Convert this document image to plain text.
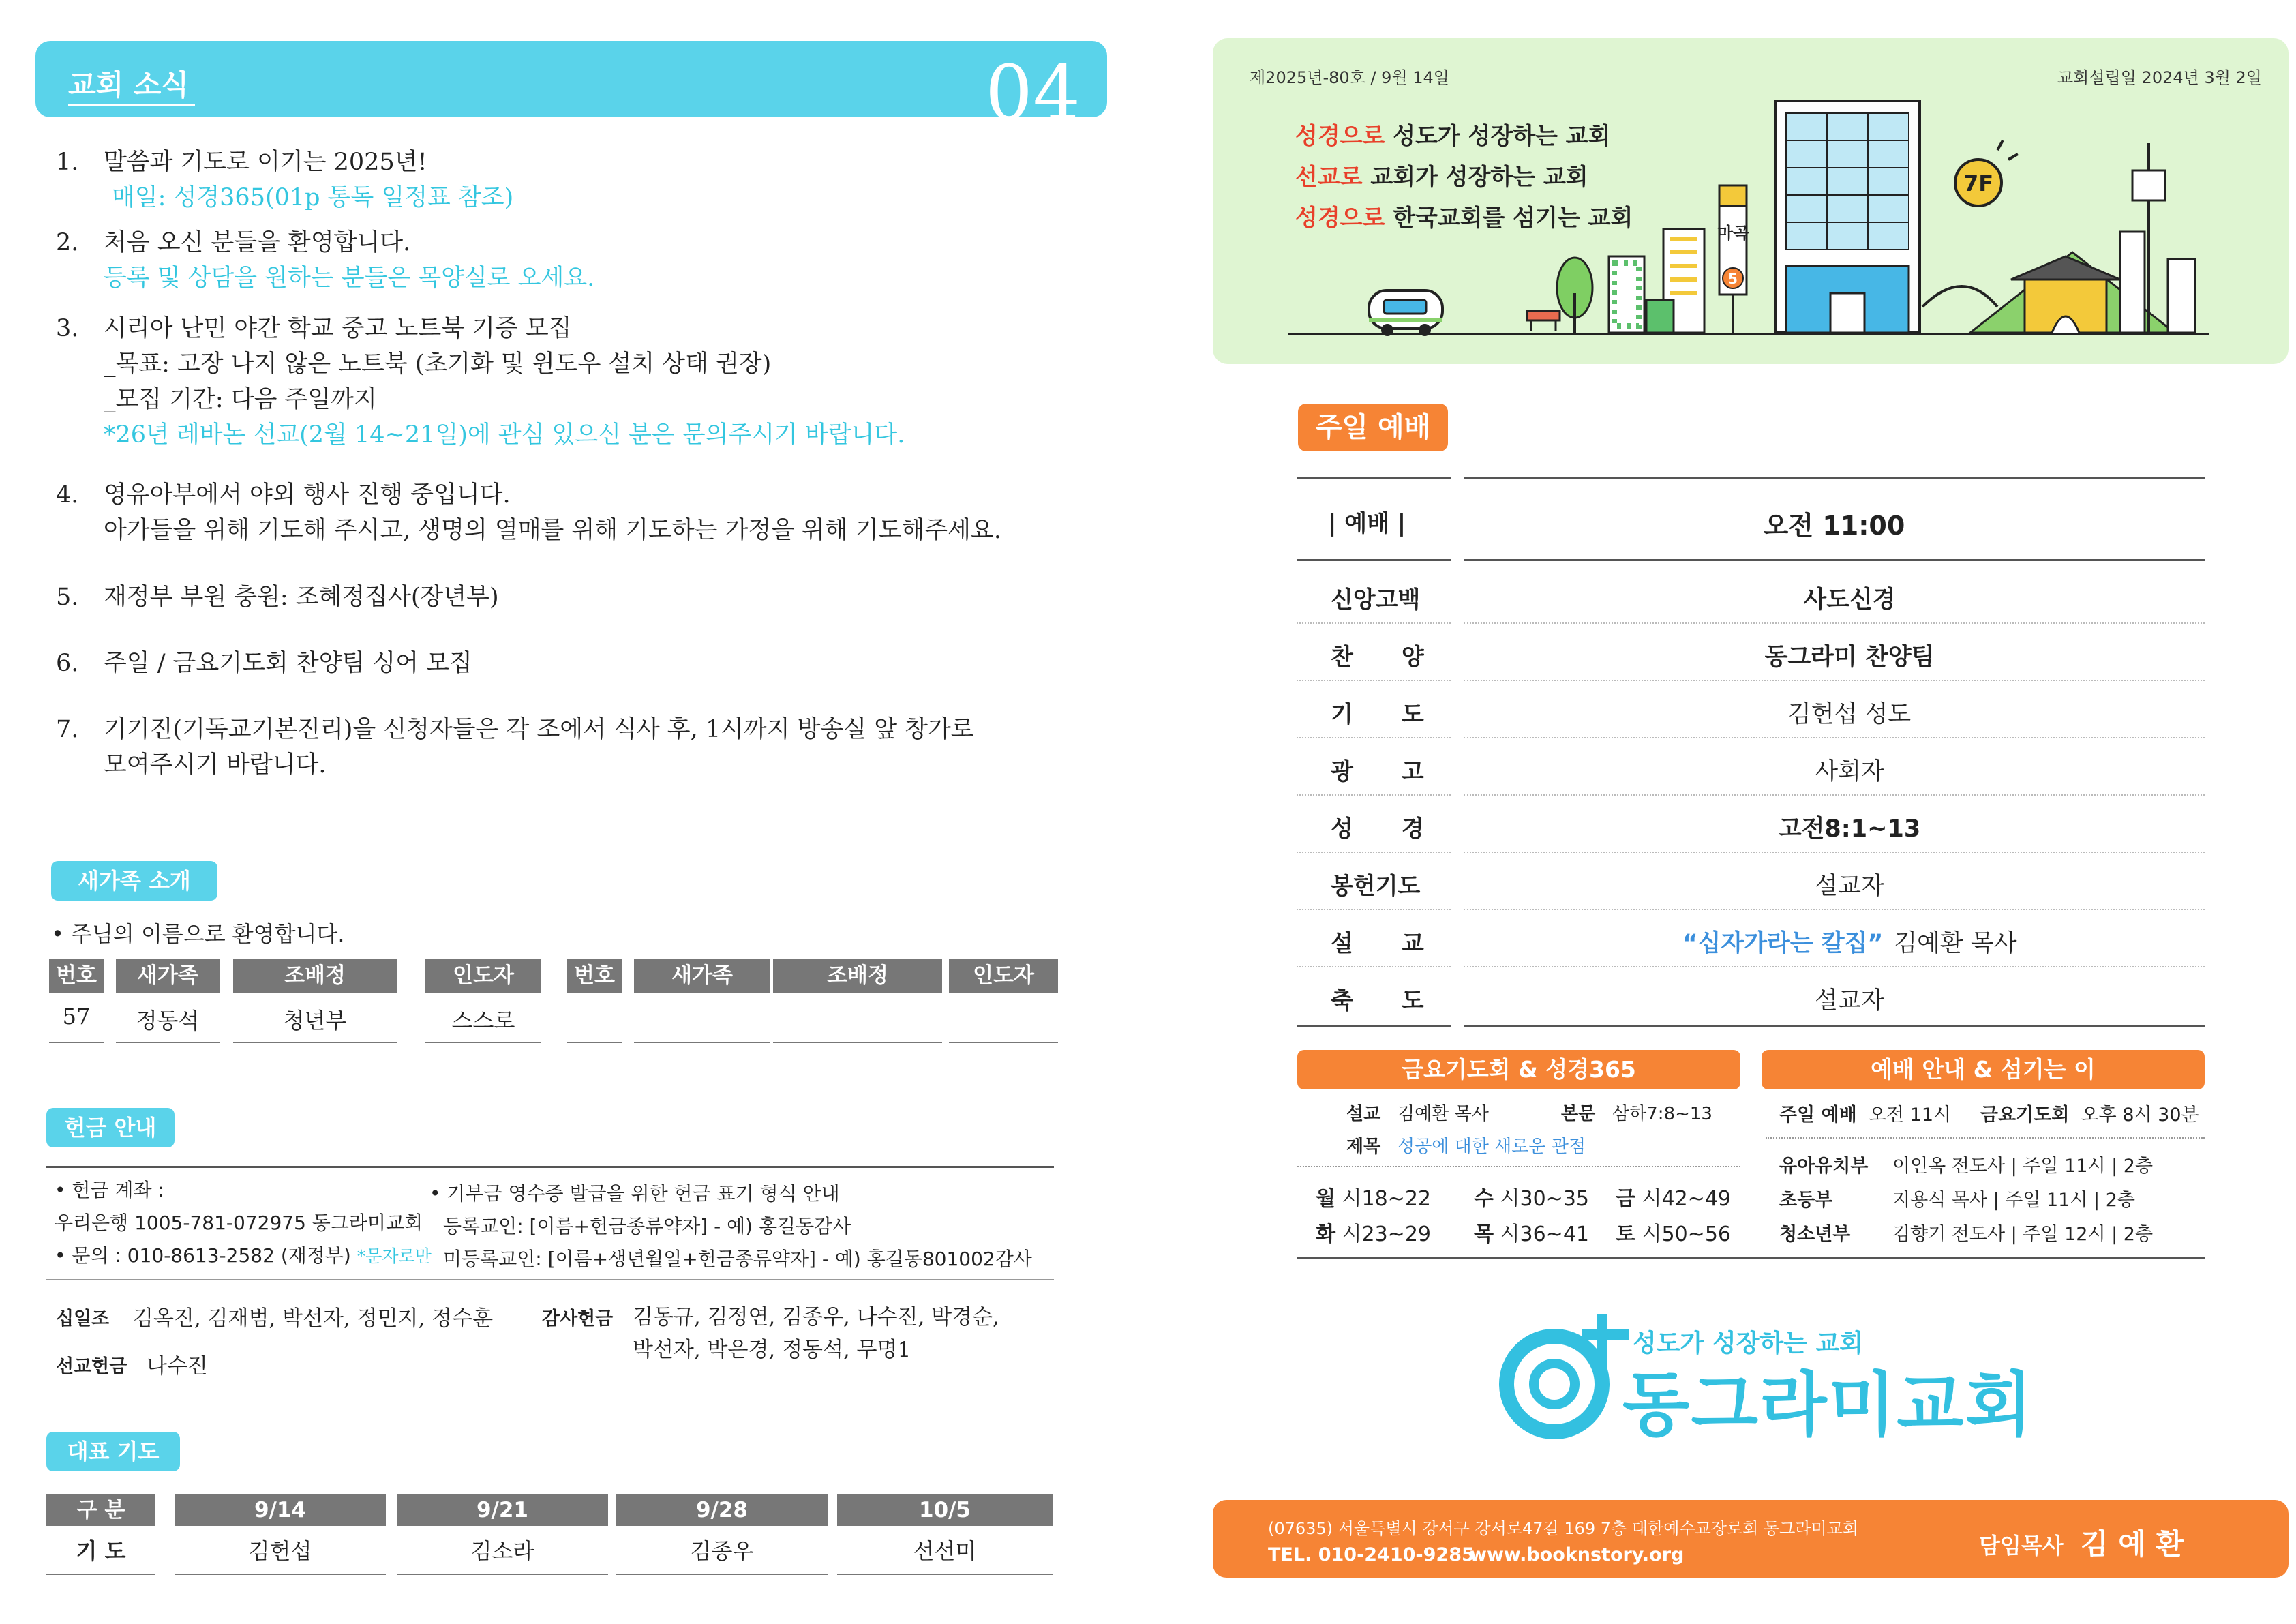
교회 소식	04
1.	말씀과 기도로 이기는 2025년!
매일: 성경365(01p 통독 일정표 참조)
2.	처음 오신 분들을 환영합니다.
등록 및 상담을 원하는 분들은 목양실로 오세요.
3.	시리아 난민 야간 학교 중고 노트북 기증 모집
_목표: 고장 나지 않은 노트북 (초기화 및 윈도우 설치 상태 권장)
_모집 기간: 다음 주일까지
*26년 레바논 선교(2월 14~21일)에 관심 있으신 분은 문의주시기 바랍니다.
4.	영유아부에서 야외 행사 진행 중입니다.
아가들을 위해 기도해 주시고, 생명의 열매를 위해 기도하는 가정을 위해 기도해주세요.
5.	재정부 부원 충원: 조혜정집사(장년부)
6.	주일 / 금요기도회 찬양팀 싱어 모집
7.	기기진(기독교기본진리)을 신청자들은 각 조에서 식사 후, 1시까지 방송실 앞 창가로
모여주시기 바랍니다.
새가족 소개
• 주님의 이름으로 환영합니다.
번호	새가족	조배정	인도자	번호	새가족	조배정	인도자
57	정동석	청년부	스스로
헌금 안내
• 헌금 계좌 :
우리은행 1005-781-072975 동그라미교회
• 문의 : 010-8613-2582 (재정부) *문자로만
• 기부금 영수증 발급을 위한 헌금 표기 형식 안내
등록교인: [이름+헌금종류약자] - 예) 홍길동감사
미등록교인: [이름+생년월일+헌금종류약자] - 예) 홍길동801002감사
십일조 김옥진, 김재범, 박선자, 정민지, 정수훈
선교헌금 나수진
감사헌금 김동규, 김정연, 김종우, 나수진, 박경순,
박선자, 박은경, 정동석, 무명1
대표 기도
구 분	9/14	9/21	9/28	10/5
기 도	김헌섭	김소라	김종우	선선미
제2025년-80호 / 9월 14일	교회설립일 2024년 3월 2일
성경으로 성도가 성장하는 교회
선교로 교회가 성장하는 교회
성경으로 한국교회를 섬기는 교회
마곡
5
7F
주일 예배
| 예배 |	오전 11:00
신앙고백	사도신경
찬      양	동그라미 찬양팀
기      도	김헌섭 성도
광      고	사회자
성      경	고전8:1~13
봉헌기도	설교자
설      교	“십자가라는 칼집” 김예환 목사
축      도	설교자
금요기도회 & 성경365
설교 김예환 목사	본문 삼하7:8~13
제목 성공에 대한 새로운 관점
월 시18~22 수 시30~35 금 시42~49
화 시23~29 목 시36~41 토 시50~56
예배 안내 & 섬기는 이
주일 예배 오전 11시 금요기도회 오후 8시 30분
유아유치부 이인옥 전도사 | 주일 11시 | 2층
초등부	지용식 목사 | 주일 11시 | 2층
청소년부 김향기 전도사 | 주일 12시 | 2층
성도가 성장하는 교회
동그라미교회
(07635) 서울특별시 강서구 강서로47길 169 7층 대한예수교장로회 동그라미교회
TEL. 010-2410-9285
www.booknstory.org	담임목사 김 예 환
